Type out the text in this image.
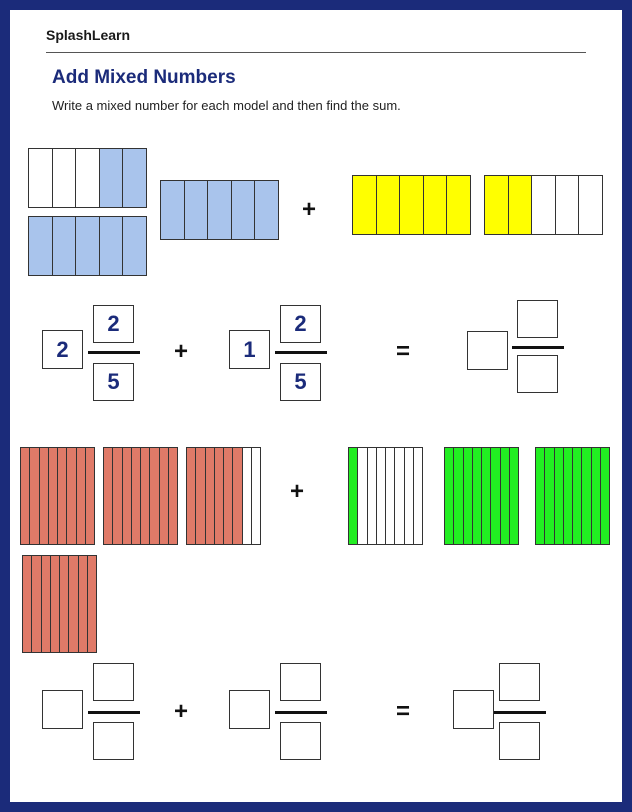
SplashLearn
Add Mixed Numbers
Write a mixed number for each model and then find the sum.
+
2
2
5
+	1
2
5
=
+
+	=
